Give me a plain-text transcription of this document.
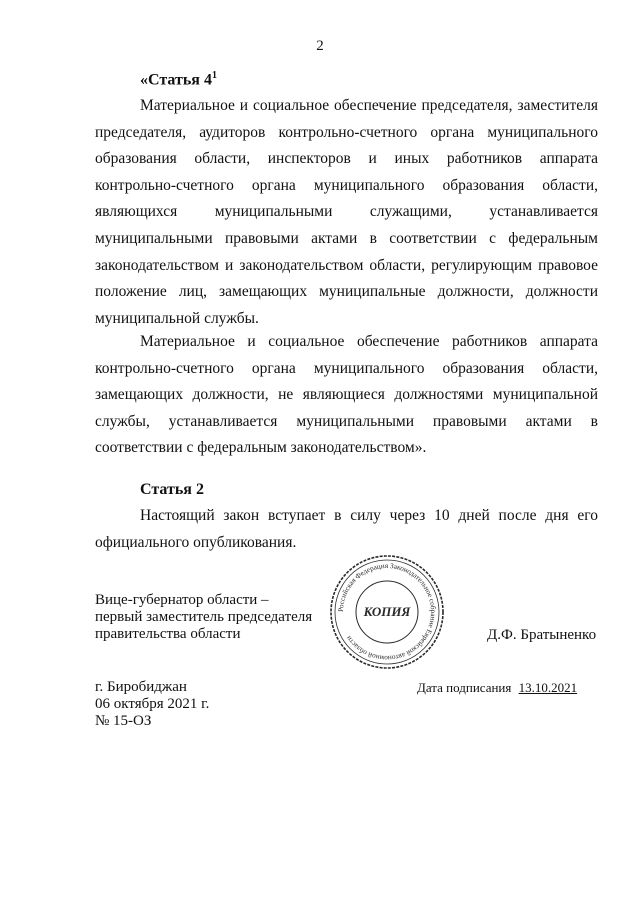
2
«Статья $4^1$
Материальное и социальное обеспечение председателя, заместителя председателя, аудиторов контрольно-счетного органа муниципального образования области, инспекторов и иных работников аппарата контрольно-счетного органа муниципального образования области, являющихся муниципальными служащими, устанавливается муниципальными правовыми актами в соответствии с федеральным законодательством и законодательством области, регулирующим правовое положение лиц, замещающих муниципальные должности, должности муниципальной службы.
Материальное и социальное обеспечение работников аппарата контрольно-счетного органа муниципального образования области, замещающих должности, не являющиеся должностями муниципальной службы, устанавливается муниципальными правовыми актами в соответствии с федеральным законодательством».
Статья 2
Настоящий закон вступает в силу через 10 дней после дня его официального опубликования.
Вице-губернатор области –
первый заместитель председателя
правительства области
Российская Федерация Законодательное собрание Еврейской автономной области
КОПИЯ
Д.Ф. Братыненко
г. Биробиджан
06 октября 2021 г.
№ 15-ОЗ
Дата подписания 13.10.2021
